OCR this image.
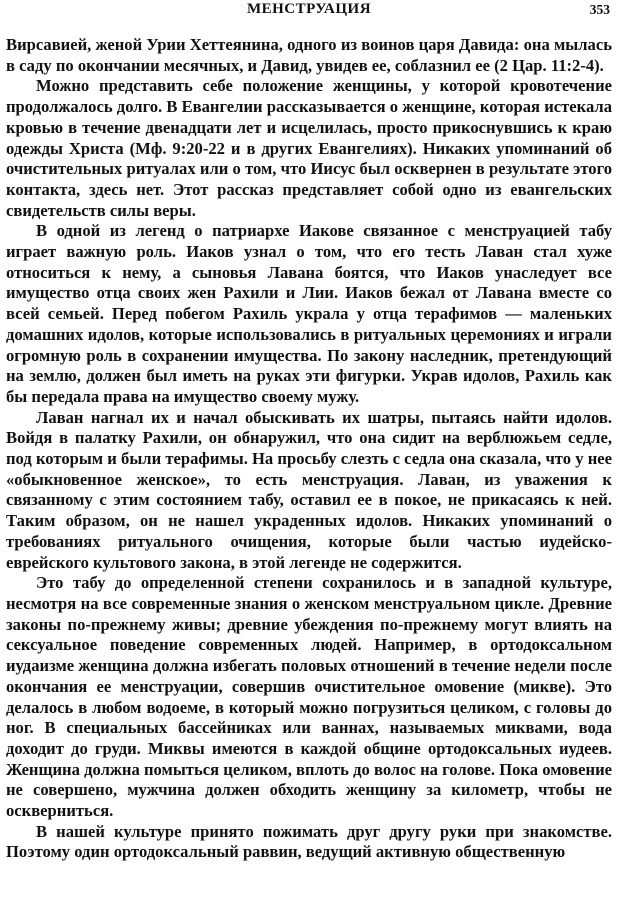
МЕНСТРУАЦИЯ	353

Вирсавией, женой Урии Хеттеянина, одного из воинов царя Давида: она мылась в саду по окончании месячных, и Давид, увидев ее, соблазнил ее (2 Цар. 11:2-4).

Можно представить себе положение женщины, у которой кровотечение продолжалось долго. В Евангелии рассказывается о женщине, которая истекала кровью в течение двенадцати лет и исцелилась, просто прикоснувшись к краю одежды Христа (Мф. 9:20-22 и в других Евангелиях). Никаких упоминаний об очистительных ритуалах или о том, что Иисус был осквернен в результате этого контакта, здесь нет. Этот рассказ представляет собой одно из евангельских свидетельств силы веры.

В одной из легенд о патриархе Иакове связанное с менструацией табу играет важную роль. Иаков узнал о том, что его тесть Лаван стал хуже относиться к нему, а сыновья Лавана боятся, что Иаков унаследует все имущество отца своих жен Рахили и Лии. Иаков бежал от Лавана вместе со всей семьей. Перед побегом Рахиль украла у отца терафимов — маленьких домашних идолов, которые использовались в ритуальных церемониях и играли огромную роль в сохранении имущества. По закону наследник, претендующий на землю, должен был иметь на руках эти фигурки. Украв идолов, Рахиль как бы передала права на имущество своему мужу.

Лаван нагнал их и начал обыскивать их шатры, пытаясь найти идолов. Войдя в палатку Рахили, он обнаружил, что она сидит на верблюжьем седле, под которым и были терафимы. На просьбу слезть с седла она сказала, что у нее «обыкновенное женское», то есть менструация. Лаван, из уважения к связанному с этим состоянием табу, оставил ее в покое, не прикасаясь к ней. Таким образом, он не нашел украденных идолов. Никаких упоминаний о требованиях ритуального очищения, которые были частью иудейско-еврейского культового закона, в этой легенде не содержится.

Это табу до определенной степени сохранилось и в западной культуре, несмотря на все современные знания о женском менструальном цикле. Древние законы по-прежнему живы; древние убеждения по-прежнему могут влиять на сексуальное поведение современных людей. Например, в ортодоксальном иудаизме женщина должна избегать половых отношений в течение недели после окончания ее менструации, совершив очистительное омовение (микве). Это делалось в любом водоеме, в который можно погрузиться целиком, с головы до ног. В специальных бассейниках или ваннах, называемых миквами, вода доходит до груди. Миквы имеются в каждой общине ортодоксальных иудеев. Женщина должна помыться целиком, вплоть до волос на голове. Пока омовение не совершено, мужчина должен обходить женщину за километр, чтобы не оскверниться.

В нашей культуре принято пожимать друг другу руки при знакомстве. Поэтому один ортодоксальный раввин, ведущий активную общественную
